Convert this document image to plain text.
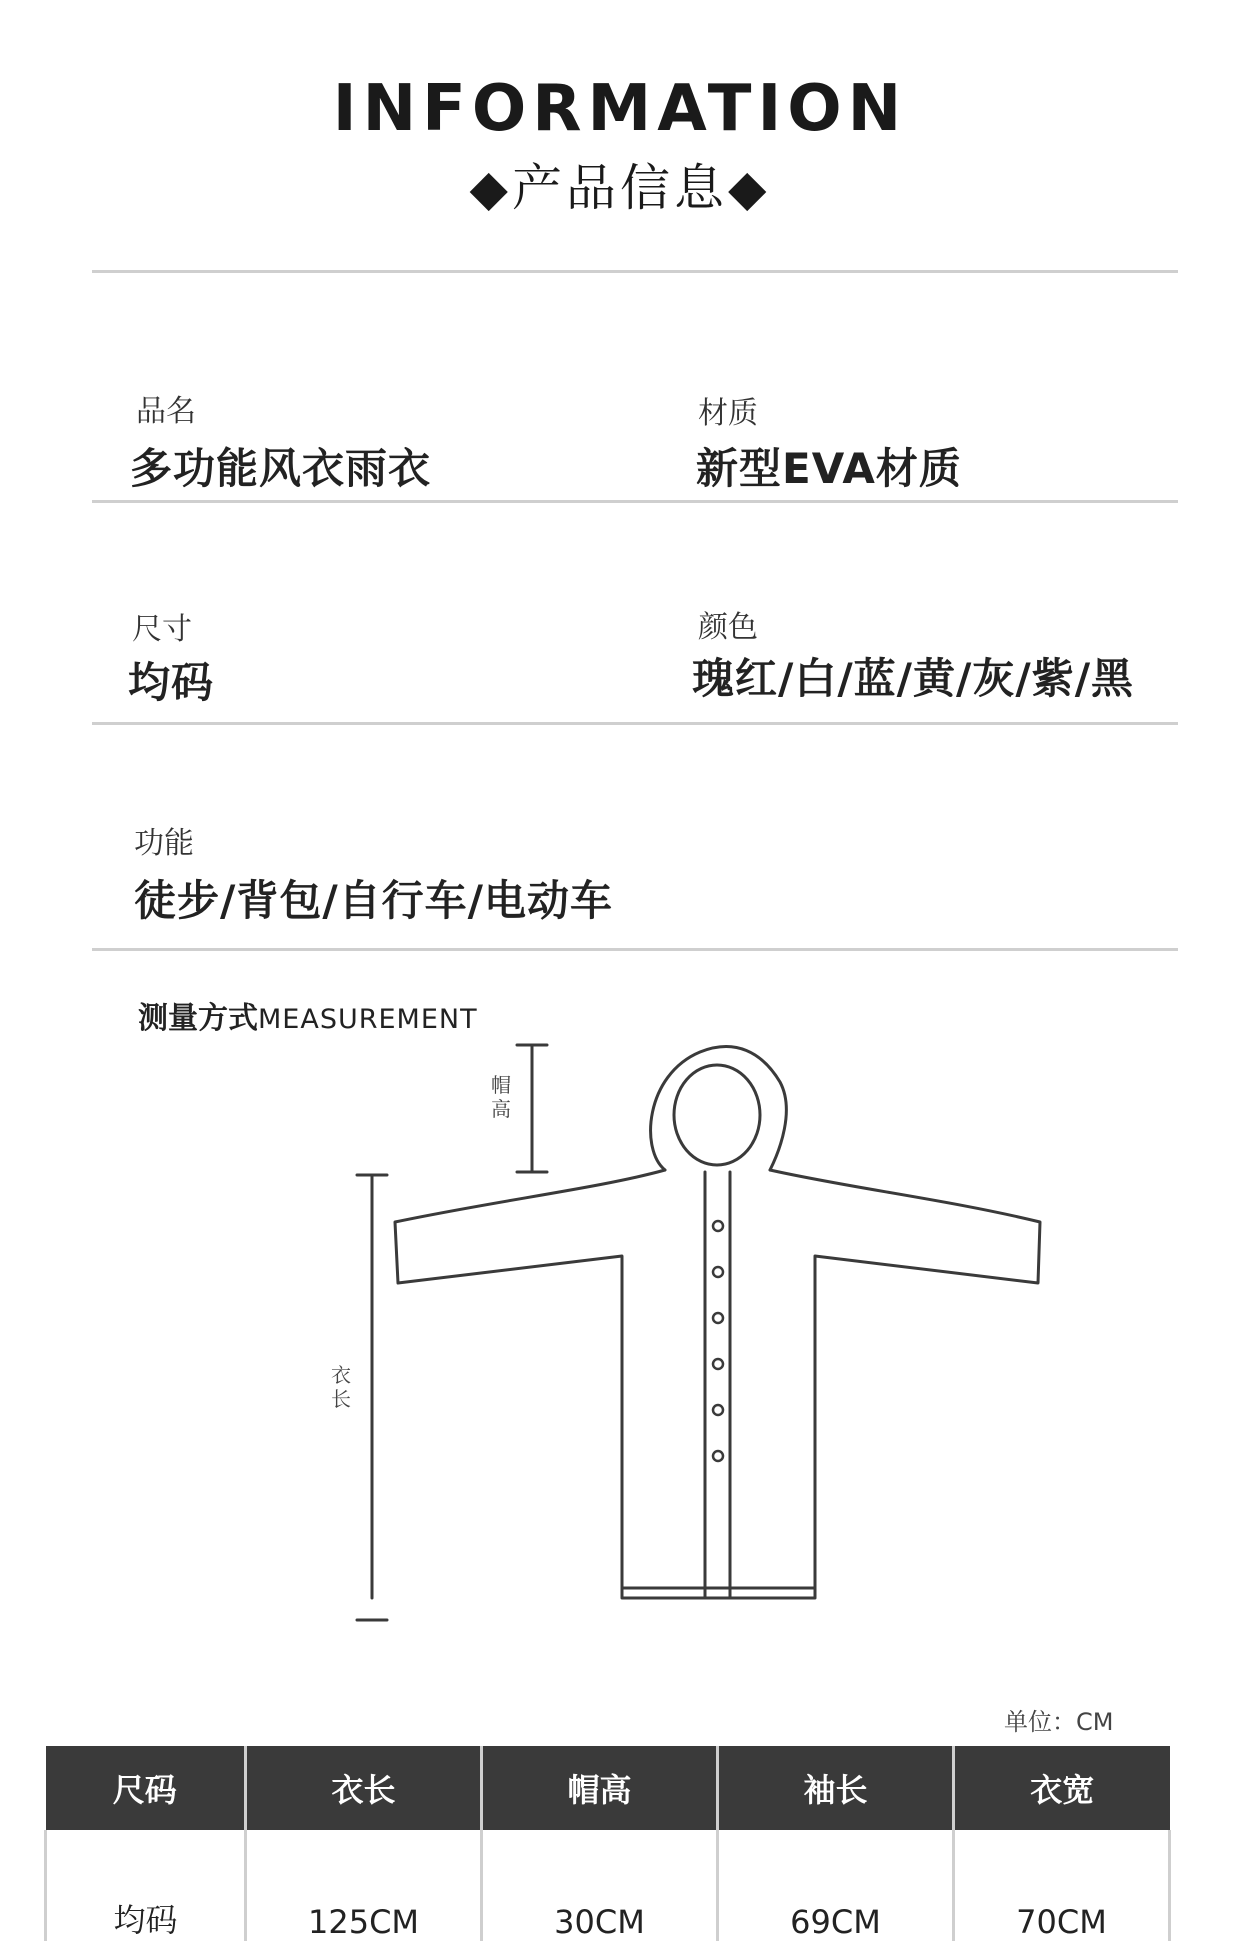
INFORMATION
◆产品信息◆
品名
多功能风衣雨衣
材质
新型EVA材质
尺寸
均码
颜色
瑰红/白/蓝/黄/灰/紫/黑
功能
徒步/背包/自行车/电动车
测量方式MEASUREMENT
帽高
衣长
单位：CM
尺码	衣长	帽高	袖长	衣宽
均码	125CM	30CM	69CM	70CM
